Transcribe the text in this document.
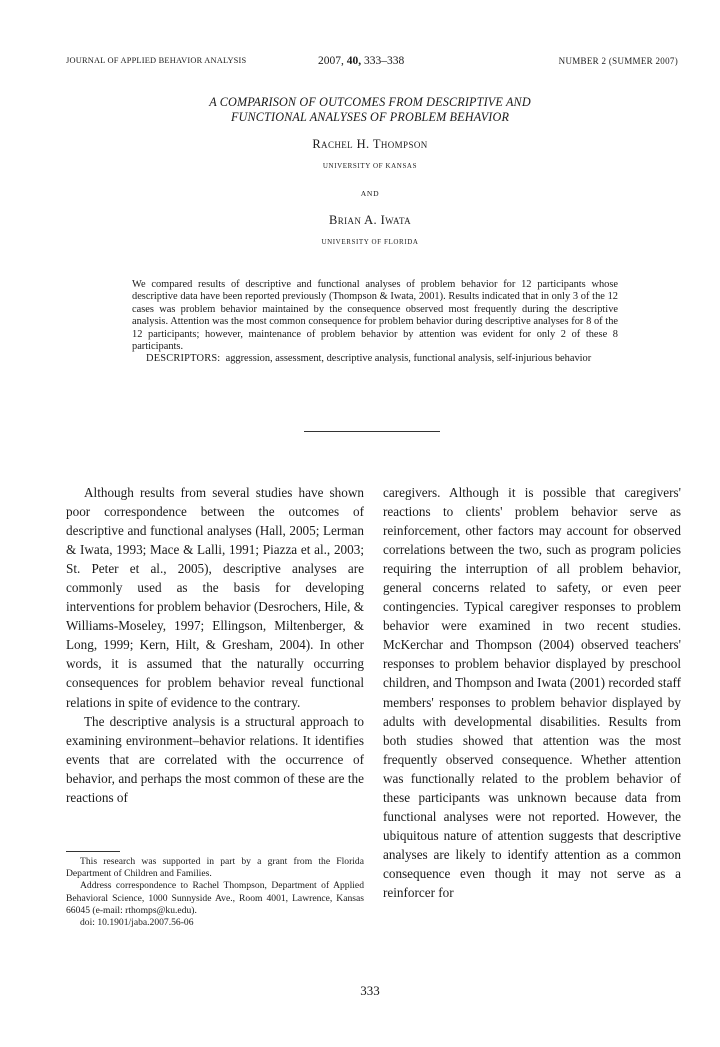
JOURNAL OF APPLIED BEHAVIOR ANALYSIS	2007, 40, 333–338	NUMBER 2 (SUMMER 2007)
A COMPARISON OF OUTCOMES FROM DESCRIPTIVE AND
FUNCTIONAL ANALYSES OF PROBLEM BEHAVIOR
Rachel H. Thompson
UNIVERSITY OF KANSAS
AND
Brian A. Iwata
UNIVERSITY OF FLORIDA

We compared results of descriptive and functional analyses of problem behavior for 12 participants whose descriptive data have been reported previously (Thompson & Iwata, 2001). Results indicated that in only 3 of the 12 cases was problem behavior maintained by the consequence observed most frequently during the descriptive analysis. Attention was the most common consequence for problem behavior during descriptive analyses for 8 of the 12 participants; however, maintenance of problem behavior by attention was evident for only 2 of these 8 participants.

DESCRIPTORS: aggression, assessment, descriptive analysis, functional analysis, self-injurious behavior

Although results from several studies have shown poor correspondence between the outcomes of descriptive and functional analyses (Hall, 2005; Lerman & Iwata, 1993; Mace & Lalli, 1991; Piazza et al., 2003; St. Peter et al., 2005), descriptive analyses are commonly used as the basis for developing interventions for problem behavior (Desrochers, Hile, & Williams-Moseley, 1997; Ellingson, Miltenberger, & Long, 1999; Kern, Hilt, & Gresham, 2004). In other words, it is assumed that the naturally occurring consequences for problem behavior reveal functional relations in spite of evidence to the contrary.

The descriptive analysis is a structural approach to examining environment–behavior relations. It identifies events that are correlated with the occurrence of behavior, and perhaps the most common of these are the reactions of

caregivers. Although it is possible that caregivers' reactions to clients' problem behavior serve as reinforcement, other factors may account for observed correlations between the two, such as program policies requiring the interruption of all problem behavior, general concerns related to safety, or even peer contingencies. Typical caregiver responses to problem behavior were examined in two recent studies. McKerchar and Thompson (2004) observed teachers' responses to problem behavior displayed by preschool children, and Thompson and Iwata (2001) recorded staff members' responses to problem behavior displayed by adults with developmental disabilities. Results from both studies showed that attention was the most frequently observed consequence. Whether attention was functionally related to the problem behavior of these participants was unknown because data from functional analyses were not reported. However, the ubiquitous nature of attention suggests that descriptive analyses are likely to identify attention as a common consequence even though it may not serve as a reinforcer for

This research was supported in part by a grant from the Florida Department of Children and Families.

Address correspondence to Rachel Thompson, Department of Applied Behavioral Science, 1000 Sunnyside Ave., Room 4001, Lawrence, Kansas 66045 (e-mail: rthomps@ku.edu).

doi: 10.1901/jaba.2007.56-06

333
